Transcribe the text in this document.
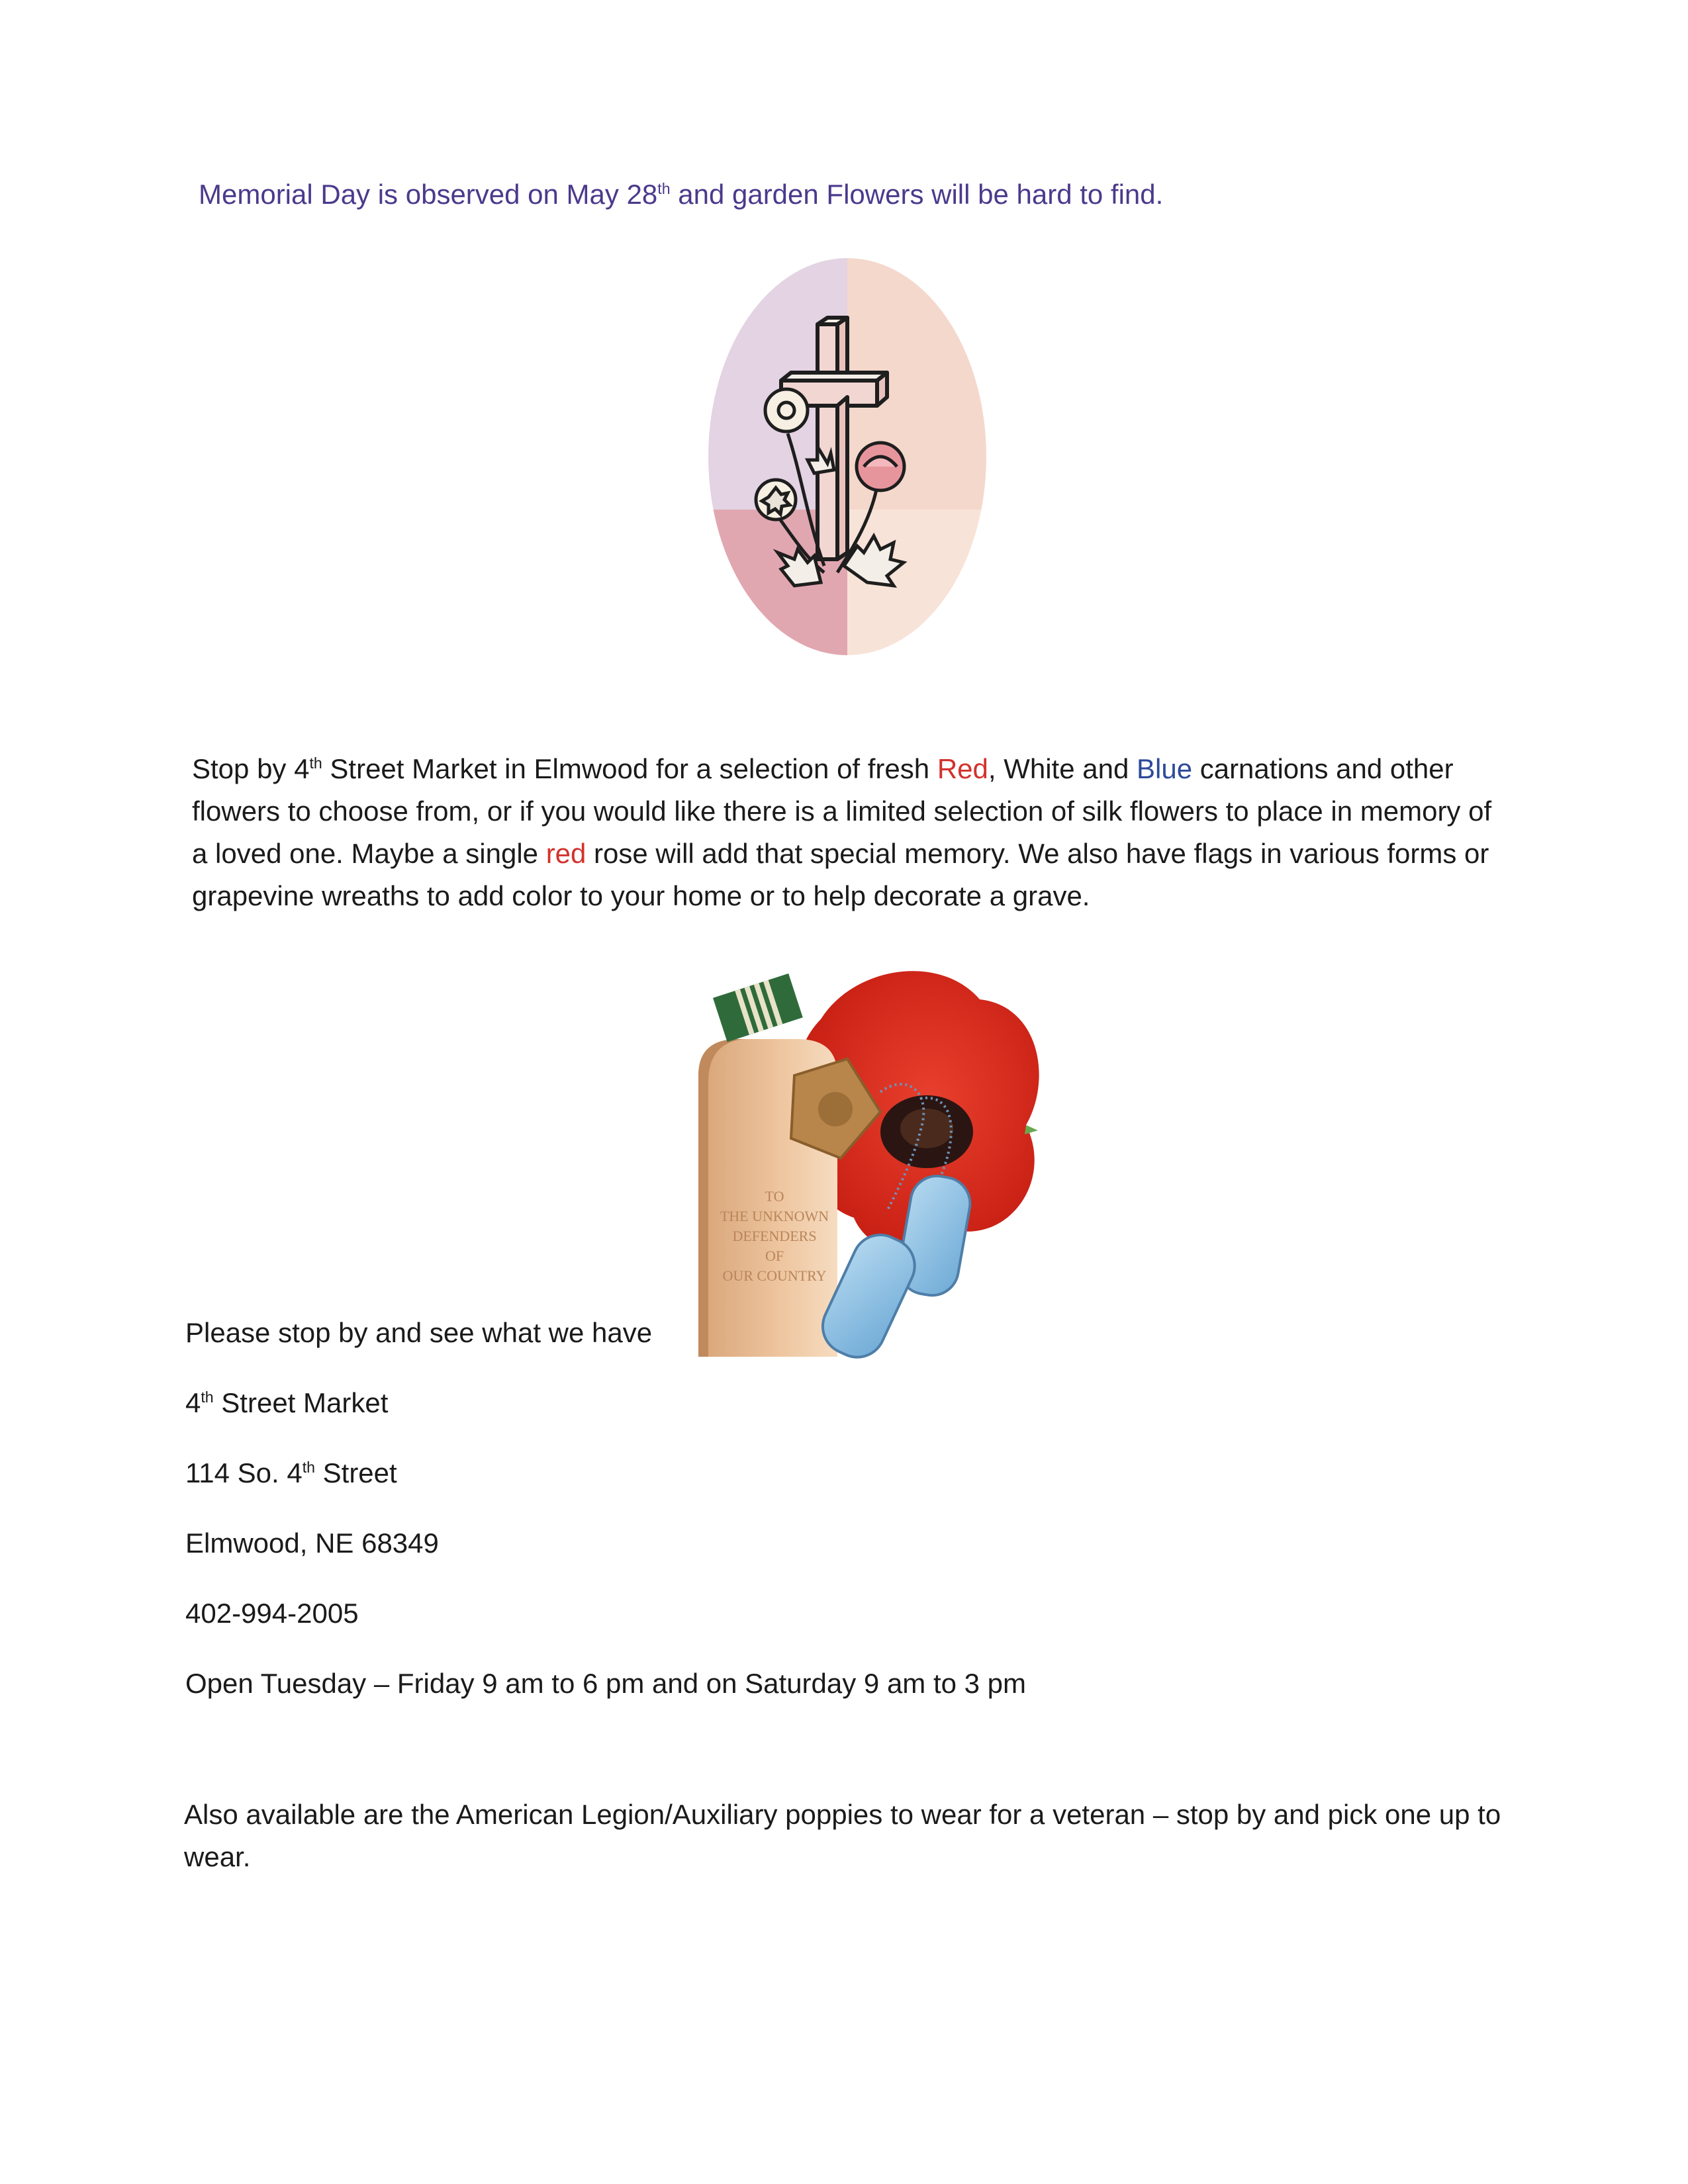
Memorial Day is observed on May 28th and garden Flowers will be hard to find.
Stop by 4th Street Market in Elmwood for a selection of fresh Red, White and Blue carnations and other flowers to choose from, or if you would like there is a limited selection of silk flowers to place in memory of a loved one. Maybe a single red rose will add that special memory. We also have flags in various forms or grapevine wreaths to add color to your home or to help decorate a grave.
TO
THE UNKNOWN
DEFENDERS
OF
OUR COUNTRY
Please stop by and see what we have
4th Street Market
114 So. 4th Street
Elmwood, NE 68349
402-994-2005
Open Tuesday – Friday 9 am to 6 pm and on Saturday 9 am to 3 pm
Also available are the American Legion/Auxiliary poppies to wear for a veteran – stop by and pick one up to wear.
